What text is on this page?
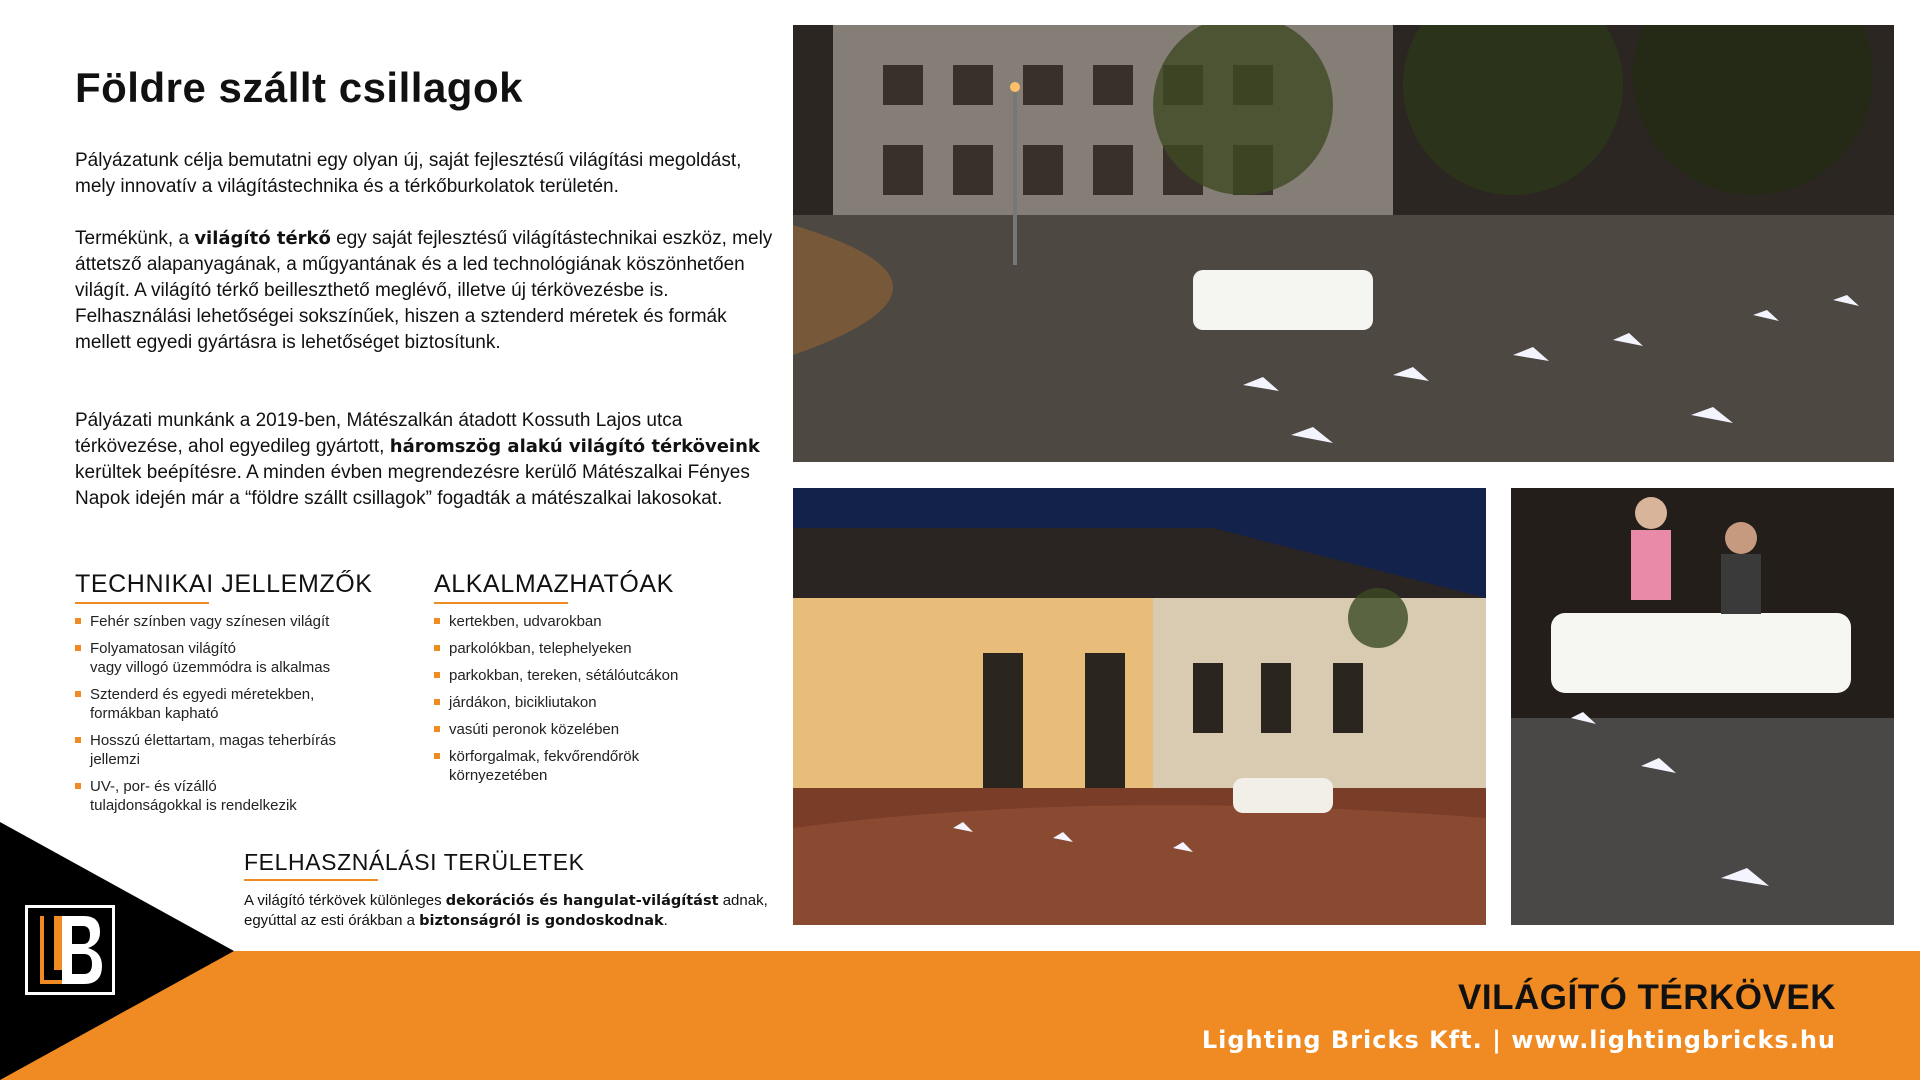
Földre szállt csillagok

Pályázatunk célja bemutatni egy olyan új, saját fejlesztésű világítási megoldást, mely innovatív a világítástechnika és a térkőburkolatok területén.

Termékünk, a világító térkő egy saját fejlesztésű világítástechnikai eszköz, mely áttetsző alapanyagának, a műgyantának és a led technológiának köszönhetően világít. A világító térkő beilleszthető meglévő, illetve új térkövezésbe is. Felhasználási lehetőségei sokszínűek, hiszen a sztenderd méretek és formák mellett egyedi gyártásra is lehetőséget biztosítunk.

Pályázati munkánk a 2019-ben, Mátészalkán átadott Kossuth Lajos utca térkövezése, ahol egyedileg gyártott, háromszög alakú világító térköveink kerültek beépítésre. A minden évben megrendezésre kerülő Mátészalkai Fényes Napok idején már a “földre szállt csillagok” fogadták a mátészalkai lakosokat.

TECHNIKAI JELLEMZŐK
Fehér színben vagy színesen világít
Folyamatosan világító
vagy villogó üzemmódra is alkalmas
Sztenderd és egyedi méretekben,
formákban kapható
Hosszú élettartam, magas teherbírás
jellemzi
UV-, por- és vízálló
tulajdonságokkal is rendelkezik
ALKALMAZHATÓAK
kertekben, udvarokban
parkolókban, telephelyeken
parkokban, tereken, sétálóutcákon
járdákon, bicikliutakon
vasúti peronok közelében
körforgalmak, fekvőrendőrök
környezetében
FELHASZNÁLÁSI TERÜLETEK

A világító térkövek különleges dekorációs és hangulat-világítást adnak, egyúttal az esti órákban a biztonságról is gondoskodnak.

VILÁGÍTÓ TÉRKÖVEK
Lighting Bricks Kft. | www.lightingbricks.hu
